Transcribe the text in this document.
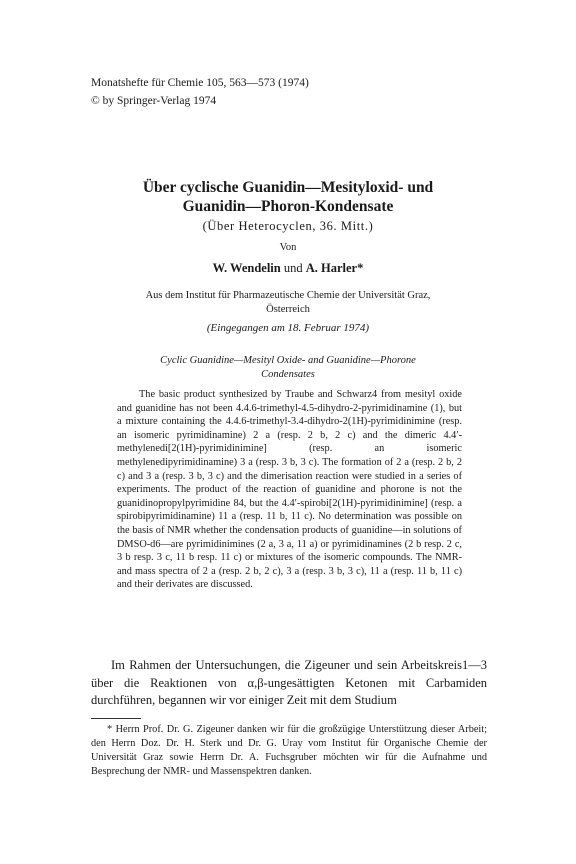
Monatshefte für Chemie 105, 563—573 (1974)
© by Springer-Verlag 1974
Über cyclische Guanidin—Mesityloxid- und
Guanidin—Phoron-Kondensate
(Über Heterocyclen, 36. Mitt.)
Von
W. Wendelin und A. Harler*
Aus dem Institut für Pharmazeutische Chemie der Universität Graz,
Österreich
(Eingegangen am 18. Februar 1974)
Cyclic Guanidine—Mesityl Oxide- and Guanidine—Phorone
Condensates

The basic product synthesized by Traube and Schwarz4 from mesityl oxide and guanidine has not been 4.4.6-trimethyl-4.5-dihydro-2-pyrimidinamine (1), but a mixture containing the 4.4.6-trimethyl-3.4-dihydro-2(1H)-pyrimidinimine (resp. an isomeric pyrimidinamine) 2 a (resp. 2 b, 2 c) and the dimeric 4.4′-methylenedi[2(1H)-pyrimidinimine] (resp. an isomeric methylenedipyrimidinamine) 3 a (resp. 3 b, 3 c). The formation of 2 a (resp. 2 b, 2 c) and 3 a (resp. 3 b, 3 c) and the dimerisation reaction were studied in a series of experiments. The product of the reaction of guanidine and phorone is not the guanidinopropylpyrimidine 84, but the 4.4′-spirobi[2(1H)-pyrimidinimine] (resp. a spirobipyrimidinamine) 11 a (resp. 11 b, 11 c). No determination was possible on the basis of NMR whether the condensation products of guanidine—in solutions of DMSO-d6—are pyrimidinimines (2 a, 3 a, 11 a) or pyrimidinamines (2 b resp. 2 c, 3 b resp. 3 c, 11 b resp. 11 c) or mixtures of the isomeric compounds. The NMR- and mass spectra of 2 a (resp. 2 b, 2 c), 3 a (resp. 3 b, 3 c), 11 a (resp. 11 b, 11 c) and their derivates are discussed.

Im Rahmen der Untersuchungen, die Zigeuner und sein Arbeitskreis1—3 über die Reaktionen von α,β-ungesättigten Ketonen mit Carbamiden durchführen, begannen wir vor einiger Zeit mit dem Studium

* Herrn Prof. Dr. G. Zigeuner danken wir für die großzügige Unterstützung dieser Arbeit; den Herrn Doz. Dr. H. Sterk und Dr. G. Uray vom Institut für Organische Chemie der Universität Graz sowie Herrn Dr. A. Fuchsgruber möchten wir für die Aufnahme und Besprechung der NMR- und Massenspektren danken.
